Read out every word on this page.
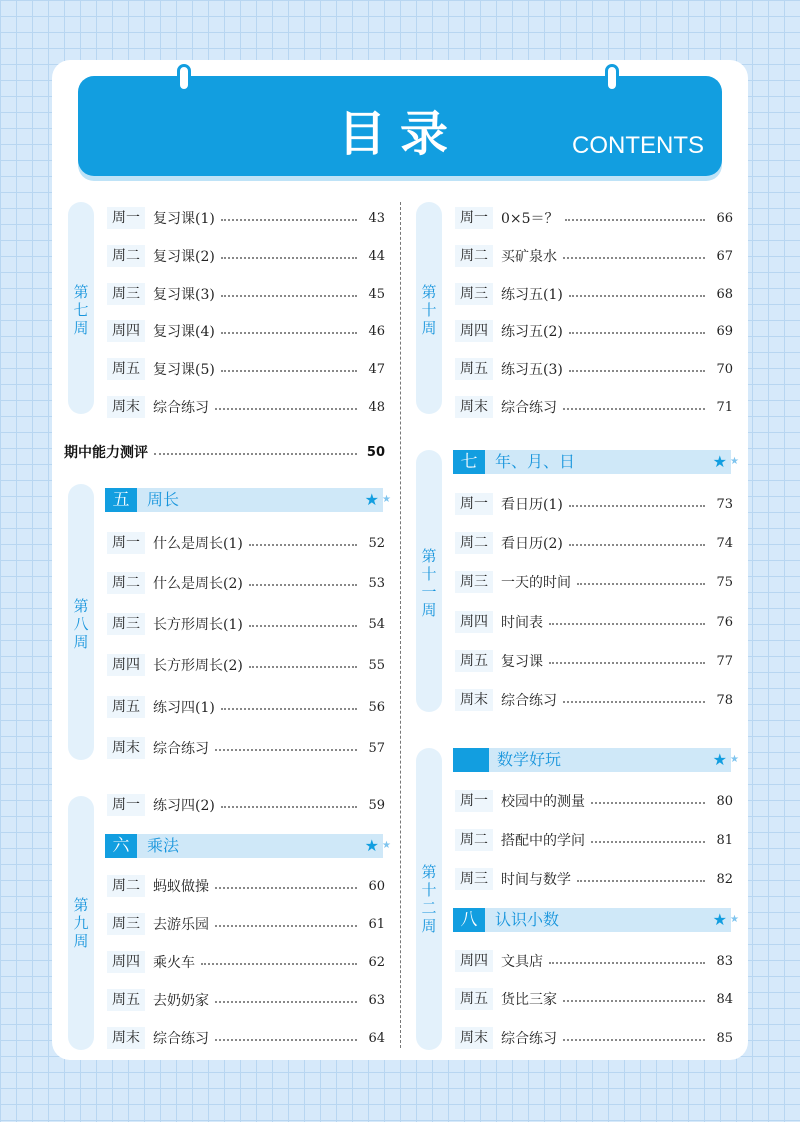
目录	CONTENTS
第七周
周一 复习课(1)	43
周二 复习课(2)	44
周三 复习课(3)	45
周四 复习课(4)	46
周五 复习课(5)	47
周末 综合练习	48
期中能力测评	50
第八周
五	周长	★ ★
周一 什么是周长(1)	52
周二 什么是周长(2)	53
周三 长方形周长(1)	54
周四 长方形周长(2)	55
周五 练习四(1)	56
周末 综合练习	57
第九周
周一 练习四(2)	59
六	乘法	★ ★
周二 蚂蚁做操	60
周三 去游乐园	61
周四 乘火车	62
周五 去奶奶家	63
周末 综合练习	64
第十周
周一 0×5＝？	66
周二 买矿泉水	67
周三 练习五(1)	68
周四 练习五(2)	69
周五 练习五(3)	70
周末 综合练习	71
第十一周
七	年、月、日	★ ★
周一 看日历(1)	73
周二 看日历(2)	74
周三 一天的时间	75
周四 时间表	76
周五 复习课	77
周末 综合练习	78
第十二周
数学好玩	★ ★
周一 校园中的测量	80
周二 搭配中的学问	81
周三 时间与数学	82
八	认识小数	★ ★
周四 文具店	83
周五 货比三家	84
周末 综合练习	85
